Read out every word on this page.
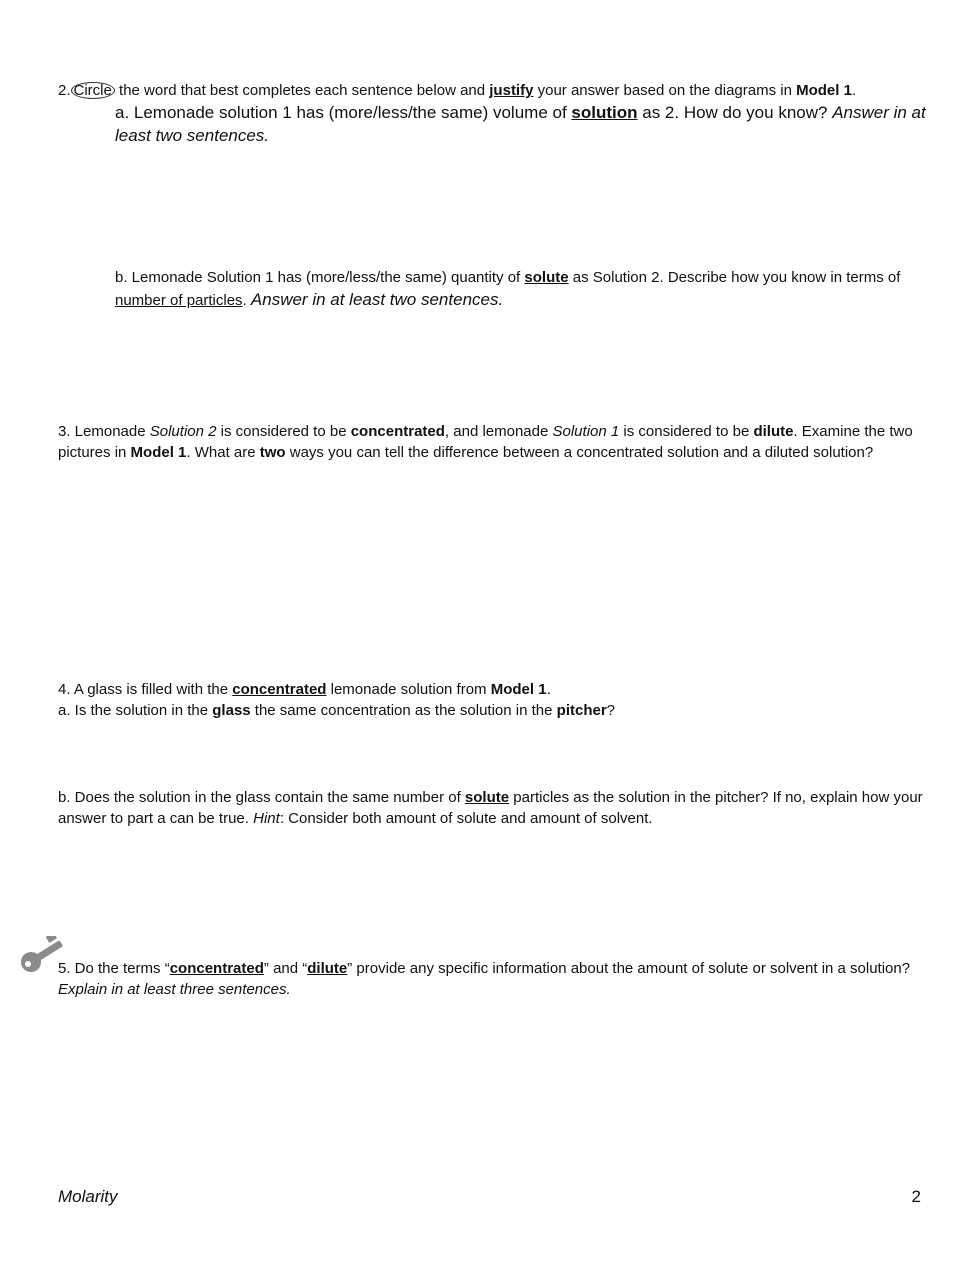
2. Circle the word that best completes each sentence below and justify your answer based on the diagrams in Model 1.

a. Lemonade solution 1 has (more/less/the same) volume of solution as 2. How do you know? Answer in at least two sentences.

b. Lemonade Solution 1 has (more/less/the same) quantity of solute as Solution 2. Describe how you know in terms of number of particles. Answer in at least two sentences.

3. Lemonade Solution 2 is considered to be concentrated, and lemonade Solution 1 is considered to be dilute. Examine the two pictures in Model 1. What are two ways you can tell the difference between a concentrated solution and a diluted solution?

4. A glass is filled with the concentrated lemonade solution from Model 1.
a. Is the solution in the glass the same concentration as the solution in the pitcher?

b. Does the solution in the glass contain the same number of solute particles as the solution in the pitcher? If no, explain how your answer to part a can be true. Hint: Consider both amount of solute and amount of solvent.

5. Do the terms “concentrated” and “dilute” provide any specific information about the amount of solute or solvent in a solution? Explain in at least three sentences.

Molarity	2
